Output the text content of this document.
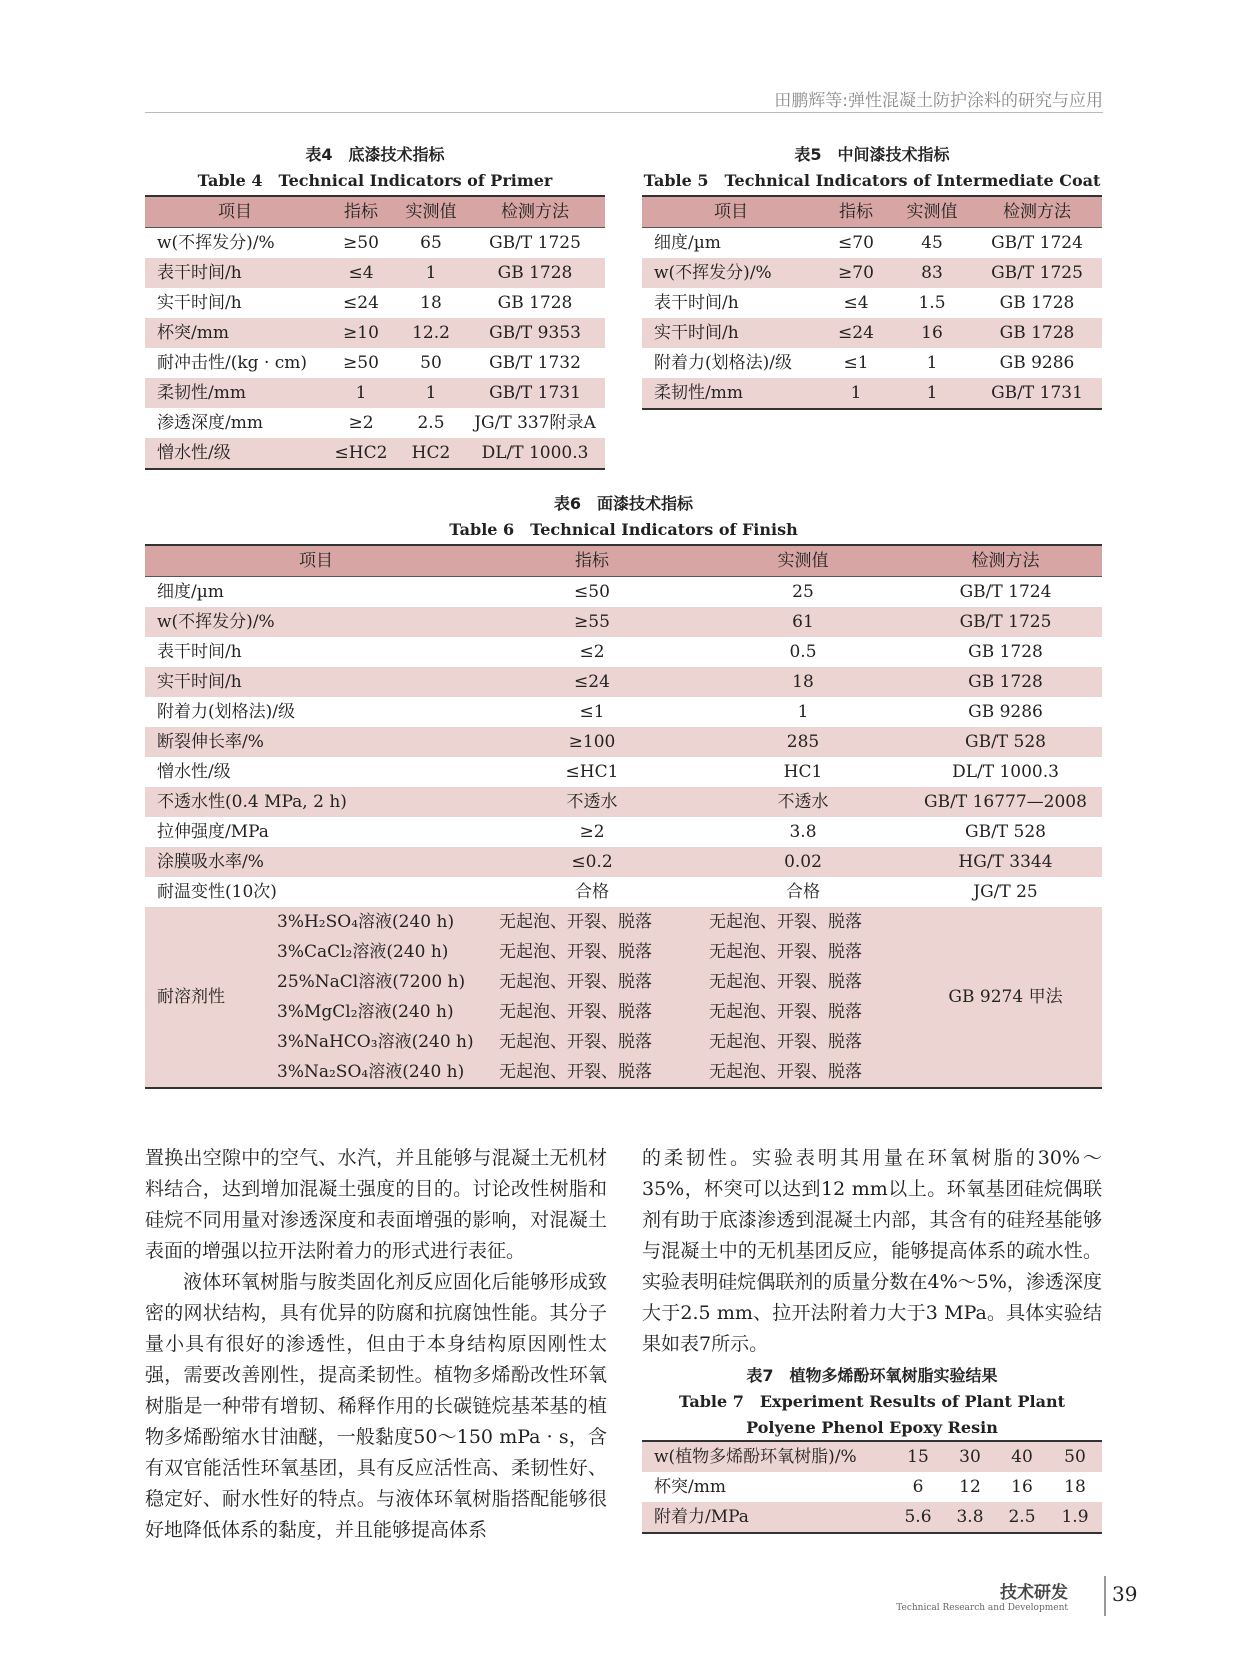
田鹏辉等:弹性混凝土防护涂料的研究与应用
表4　底漆技术指标
Table 4　Technical Indicators of Primer
项目	指标	实测值	检测方法
w(不挥发分)/%	≥50	65	GB/T 1725
表干时间/h	≤4	1	GB 1728
实干时间/h	≤24	18	GB 1728
杯突/mm	≥10	12.2	GB/T 9353
耐冲击性/(kg · cm)	≥50	50	GB/T 1732
柔韧性/mm	1	1	GB/T 1731
渗透深度/mm	≥2	2.5	JG/T 337附录A
憎水性/级	≤HC2	HC2	DL/T 1000.3
表5　中间漆技术指标
Table 5　Technical Indicators of Intermediate Coat
项目	指标	实测值	检测方法
细度/µm	≤70	45	GB/T 1724
w(不挥发分)/%	≥70	83	GB/T 1725
表干时间/h	≤4	1.5	GB 1728
实干时间/h	≤24	16	GB 1728
附着力(划格法)/级	≤1	1	GB 9286
柔韧性/mm	1	1	GB/T 1731
表6　面漆技术指标
Table 6　Technical Indicators of Finish
项目		指标	实测值	检测方法
细度/µm		≤50	25	GB/T 1724
w(不挥发分)/%		≥55	61	GB/T 1725
表干时间/h		≤2	0.5	GB 1728
实干时间/h		≤24	18	GB 1728
附着力(划格法)/级		≤1	1	GB 9286
断裂伸长率/%		≥100	285	GB/T 528
憎水性/级		≤HC1	HC1	DL/T 1000.3
不透水性(0.4 MPa, 2 h)		不透水	不透水	GB/T 16777—2008
拉伸强度/MPa		≥2	3.8	GB/T 528
涂膜吸水率/%		≤0.2	0.02	HG/T 3344
耐温变性(10次)		合格	合格	JG/T 25
耐溶剂性	3%H₂SO₄溶液(240 h)	无起泡、开裂、脱落	无起泡、开裂、脱落	GB 9274 甲法
	3%CaCl₂溶液(240 h)	无起泡、开裂、脱落	无起泡、开裂、脱落	
	25%NaCl溶液(7200 h)	无起泡、开裂、脱落	无起泡、开裂、脱落	
	3%MgCl₂溶液(240 h)	无起泡、开裂、脱落	无起泡、开裂、脱落	
	3%NaHCO₃溶液(240 h)	无起泡、开裂、脱落	无起泡、开裂、脱落	
	3%Na₂SO₄溶液(240 h)	无起泡、开裂、脱落	无起泡、开裂、脱落	

置换出空隙中的空气、水汽，并且能够与混凝土无机材料结合，达到增加混凝土强度的目的。讨论改性树脂和硅烷不同用量对渗透深度和表面增强的影响，对混凝土表面的增强以拉开法附着力的形式进行表征。

液体环氧树脂与胺类固化剂反应固化后能够形成致密的网状结构，具有优异的防腐和抗腐蚀性能。其分子量小具有很好的渗透性，但由于本身结构原因刚性太强，需要改善刚性，提高柔韧性。植物多烯酚改性环氧树脂是一种带有增韧、稀释作用的长碳链烷基苯基的植物多烯酚缩水甘油醚，一般黏度50～150 mPa · s，含有双官能活性环氧基团，具有反应活性高、柔韧性好、稳定好、耐水性好的特点。与液体环氧树脂搭配能够很好地降低体系的黏度，并且能够提高体系

的柔韧性。实验表明其用量在环氧树脂的30%～35%，杯突可以达到12 mm以上。环氧基团硅烷偶联剂有助于底漆渗透到混凝土内部，其含有的硅羟基能够与混凝土中的无机基团反应，能够提高体系的疏水性。实验表明硅烷偶联剂的质量分数在4%～5%，渗透深度大于2.5 mm、拉开法附着力大于3 MPa。具体实验结果如表7所示。

表7　植物多烯酚环氧树脂实验结果
Table 7　Experiment Results of Plant Plant Polyene Phenol Epoxy Resin
w(植物多烯酚环氧树脂)/%	15	30	40	50
杯突/mm	6	12	16	18
附着力/MPa	5.6	3.8	2.5	1.9
技术研发
Technical Research and Development
39
